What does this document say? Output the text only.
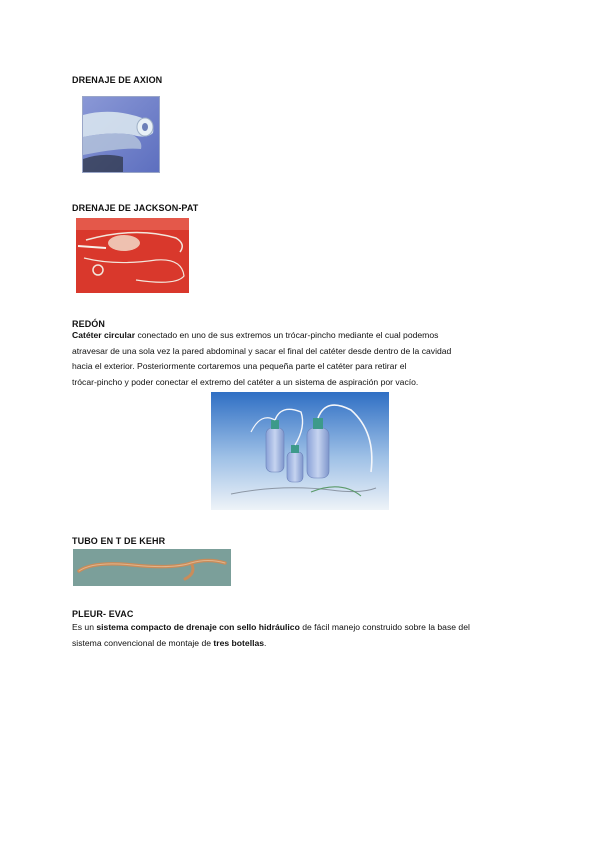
DRENAJE DE AXION
DRENAJE DE JACKSON-PAT
REDÓN
Catéter circular conectado en uno de sus extremos un trócar-pincho mediante el cual podemos
atravesar de una sola vez la pared abdominal y sacar el final del catéter desde dentro de la cavidad
hacia el exterior. Posteriormente cortaremos una pequeña parte el catéter para retirar el
trócar-pincho y poder conectar el extremo del catéter a un sistema de aspiración por vacío.
TUBO EN T DE KEHR
PLEUR- EVAC
Es un sistema compacto de drenaje con sello hidráulico de fácil manejo construido sobre la base del
sistema convencional de montaje de tres botellas.
